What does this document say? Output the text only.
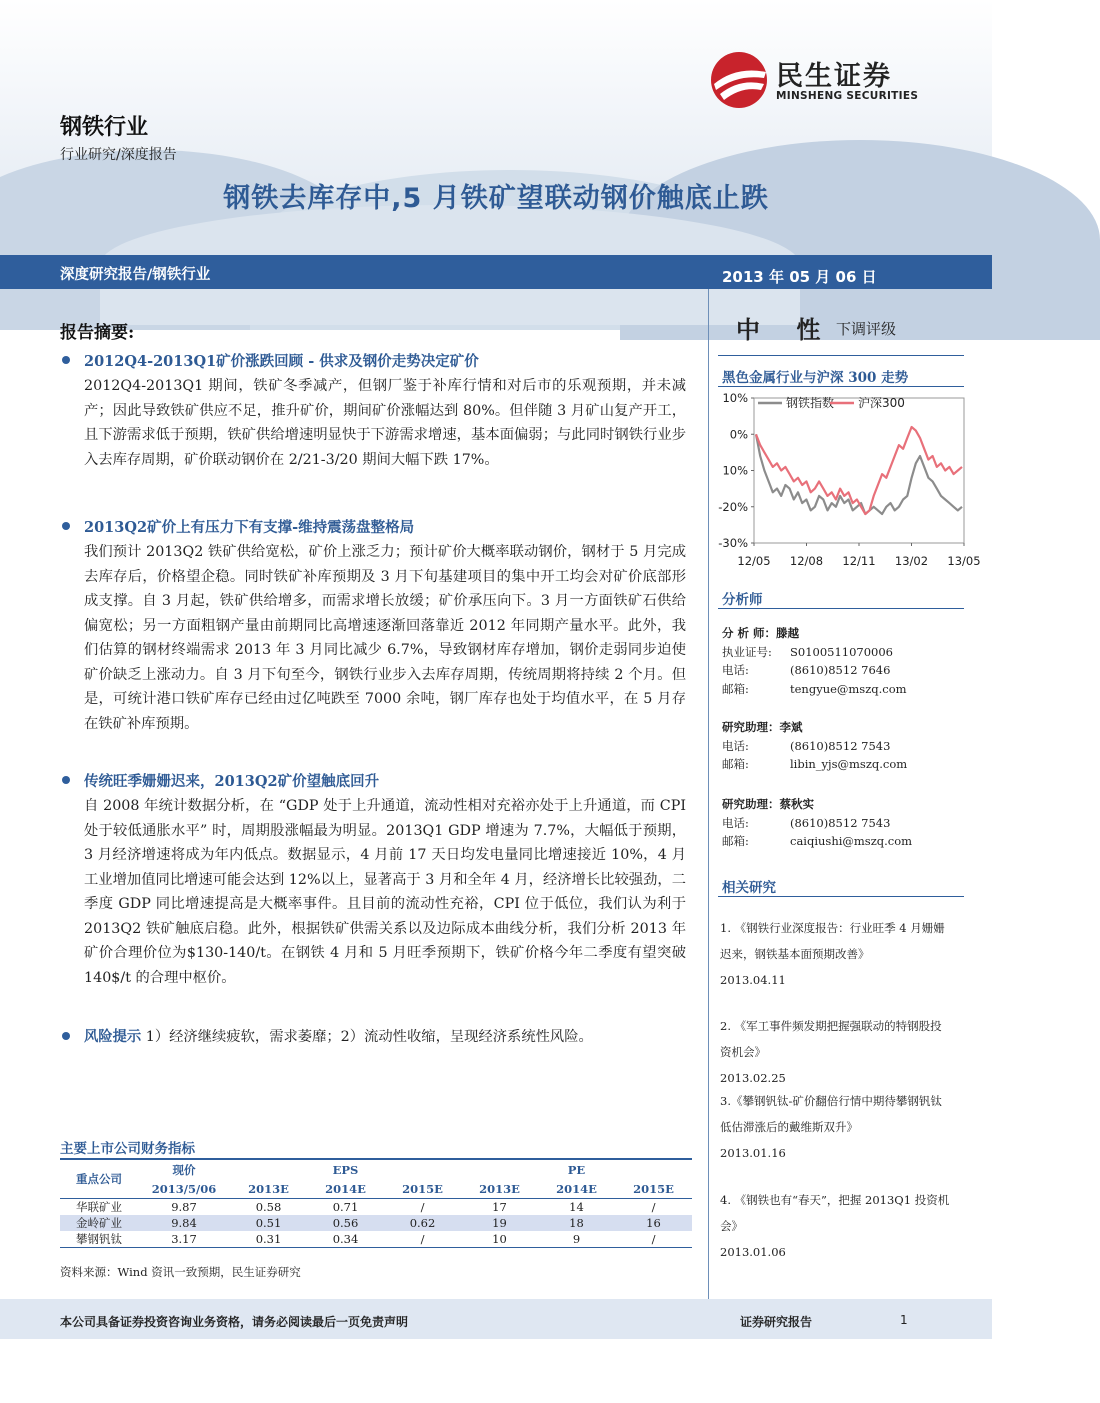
民生证券
MINSHENG SECURITIES
钢铁行业
行业研究/深度报告
钢铁去库存中,5 月铁矿望联动钢价触底止跌
深度研究报告/钢铁行业	2013 年 05 月 06 日
报告摘要:
2012Q4-2013Q1矿价涨跌回顾 - 供求及钢价走势决定矿价
2012Q4-2013Q1 期间，铁矿冬季减产，但钢厂鉴于补库行情和对后市的乐观预期，并未减产；因此导致铁矿供应不足，推升矿价，期间矿价涨幅达到 80%。但伴随 3 月矿山复产开工，且下游需求低于预期，铁矿供给增速明显快于下游需求增速，基本面偏弱；与此同时钢铁行业步入去库存周期，矿价联动钢价在 2/21-3/20 期间大幅下跌 17%。
2013Q2矿价上有压力下有支撑-维持震荡盘整格局
我们预计 2013Q2 铁矿供给宽松，矿价上涨乏力；预计矿价大概率联动钢价，钢材于 5 月完成去库存后，价格望企稳。同时铁矿补库预期及 3 月下旬基建项目的集中开工均会对矿价底部形成支撑。自 3 月起，铁矿供给增多，而需求增长放缓；矿价承压向下。3 月一方面铁矿石供给偏宽松；另一方面粗钢产量由前期同比高增速逐渐回落靠近 2012 年同期产量水平。此外，我们估算的钢材终端需求 2013 年 3 月同比减少 6.7%，导致钢材库存增加，钢价走弱同步迫使矿价缺乏上涨动力。自 3 月下旬至今，钢铁行业步入去库存周期，传统周期将持续 2 个月。但是，可统计港口铁矿库存已经由过亿吨跌至 7000 余吨，钢厂库存也处于均值水平，在 5 月存在铁矿补库预期。
传统旺季姗姗迟来，2013Q2矿价望触底回升
自 2008 年统计数据分析，在 “GDP 处于上升通道，流动性相对充裕亦处于上升通道，而 CPI 处于较低通胀水平” 时，周期股涨幅最为明显。2013Q1 GDP 增速为 7.7%，大幅低于预期，3 月经济增速将成为年内低点。数据显示，4 月前 17 天日均发电量同比增速接近 10%，4 月工业增加值同比增速可能会达到 12%以上，显著高于 3 月和全年 4 月，经济增长比较强劲，二季度 GDP 同比增速提高是大概率事件。且目前的流动性充裕，CPI 位于低位，我们认为利于 2013Q2 铁矿触底启稳。此外，根据铁矿供需关系以及边际成本曲线分析，我们分析 2013 年矿价合理价位为$130-140/t。在钢铁 4 月和 5 月旺季预期下，铁矿价格今年二季度有望突破 140$/t 的合理中枢价。
风险提示 1）经济继续疲软，需求萎靡；2）流动性收缩，呈现经济系统性风险。
主要上市公司财务指标
重点公司	现价	EPS			PE		
	2013/5/06	2013E	2014E	2015E	2013E	2014E	2015E
华联矿业	9.87	0.58	0.71	/	17	14	/
金岭矿业	9.84	0.51	0.56	0.62	19	18	16
攀钢钒钛	3.17	0.31	0.34	/	10	9	/
资料来源：Wind 资讯一致预期，民生证券研究
中 性 下调评级
黑色金属行业与沪深 300 走势
10%
0%
10%
-20%
-30%
12/05 12/08 12/11 13/02 13/05
钢铁指数 沪深300
分析师
分 析 师：滕越
执业证号: S0100511070006
电话:	(8610)8512 7646
邮箱:	tengyue@mszq.com
研究助理：李斌
电话:	(8610)8512 7543
邮箱:	libin_yjs@mszq.com
研究助理：蔡秋实
电话:	(8610)8512 7543
邮箱:	caiqiushi@mszq.com
相关研究
1. 《钢铁行业深度报告：行业旺季 4 月姗姗迟来，钢铁基本面预期改善》
2013.04.11
2. 《军工事件频发期把握强联动的特钢股投资机会》
2013.02.25
3.《攀钢钒钛-矿价翻倍行情中期待攀钢钒钛低估滞涨后的戴维斯双升》
2013.01.16
4. 《钢铁也有“春天”，把握 2013Q1 投资机会》
2013.01.06
本公司具备证券投资咨询业务资格，请务必阅读最后一页免责声明	证券研究报告	1
